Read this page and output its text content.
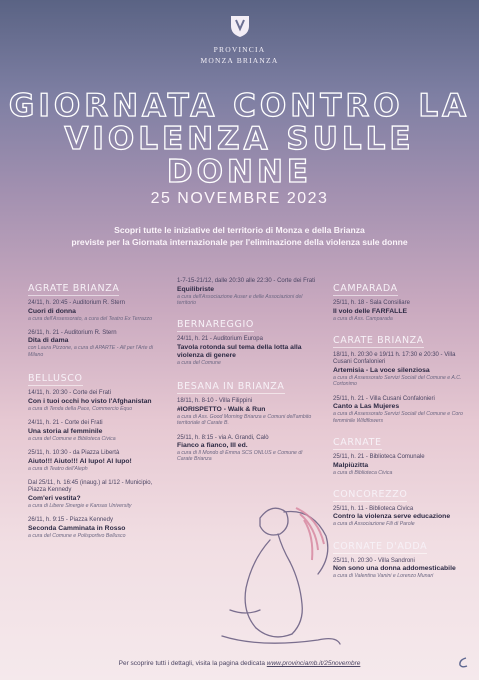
PROVINCIA
MONZA BRIANZA
GIORNATA CONTRO LA
VIOLENZA SULLE DONNE
25 NOVEMBRE 2023
Scopri tutte le iniziative del territorio di Monza e della Brianza
previste per la Giornata internazionale per l'eliminazione della violenza sule donne
AGRATE BRIANZA
24/11, h. 20:45 - Auditorium R. Stern
Cuori di donna
a cura dell'Assessorato, a cura del Teatro Ex Terrazzo
26/11, h. 21 - Auditorium R. Stern
Dita di dama
con Laura Pizzone, a cura di APARTE - All per l'Arte di Milano
BELLUSCO
14/11, h. 20:30 - Corte dei Frati
Con i tuoi occhi ho visto l'Afghanistan
a cura di Tenda della Pace, Commercio Equo
24/11, h. 21 - Corte dei Frati
Una storia al femminile
a cura del Comune e Biblioteca Civica
25/11, h. 10:30 - da Piazza Libertà
Aiuto!!! Aiuto!!! Al lupo! Al lupo!
a cura di Teatro dell'Aleph
Dal 25/11, h. 16:45 (inaug.) al 1/12 - Municipio, Piazza Kennedy
Com'eri vestita?
a cura di Libere Sinergie e Kansas University
26/11, h. 9:15 - Piazza Kennedy
Seconda Camminata in Rosso
a cura del Comune e Polisportivo Bellusco
1-7-15-21/12, dalle 20:30 alle 22:30 - Corte dei Frati
Equilibriste
a cura dell'Associazione Auser e delle Associazioni del territorio
BERNAREGGIO
24/11, h. 21 - Auditorium Europa
Tavola rotonda sul tema della lotta alla violenza di genere
a cura del Comune
BESANA IN BRIANZA
18/11, h. 8-10 - Villa Filippini
#IORISPETTO - Walk & Run
a cura di Ass. Good Morning Brianza e Comuni dell'ambito territoriale di Carate B.
25/11, h. 8:15 - via A. Grandi, Calò
Fianco a fianco, III ed.
a cura di Il Mondo di Emma SCS ONLUS e Comune di Carate Brianza
CAMPARADA
25/11, h. 18 - Sala Consiliare
Il volo delle FARFALLE
a cura di Ass. Camparada
CARATE BRIANZA
18/11, h. 20:30 e 19/11 h. 17:30 e 20:30 - Villa Cusani Confalonieri
Artemisia - La voce silenziosa
a cura di Assessorato Servizi Sociali del Comune e A.C. Cortonimo
25/11, h. 21 - Villa Cusani Confalonieri
Canto a Las Mujeres
a cura di Assessorato Servizi Sociali del Comune e Coro femminile Wildflowers
CARNATE
25/11, h. 21 - Biblioteca Comunale
Malpiùzitta
a cura di Biblioteca Civica
CONCOREZZO
25/11, h. 11 - Biblioteca Civica
Contro la violenza serve educazione
a cura di Associazione Fili di Parole
CORNATE D'ADDA
25/11, h. 20:30 - Villa Sandroni
Non sono una donna addomesticabile
a cura di Valentina Vanini e Lorenzo Munari
Per scoprire tutti i dettagli, visita la pagina dedicata www.provinciamb.it/25novembre
